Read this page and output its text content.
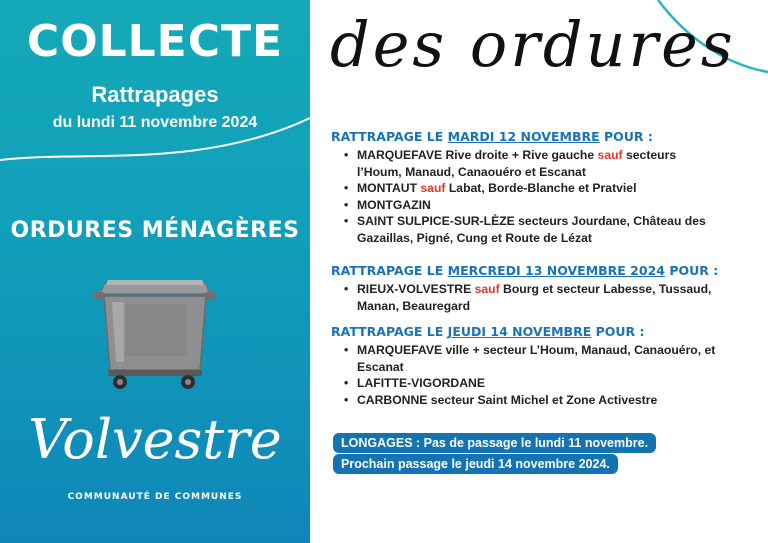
COLLECTE
Rattrapages
du lundi 11 novembre 2024
ORDURES MÉNAGÈRES
Volvestre
COMMUNAUTÉ DE COMMUNES
des ordures
RATTRAPAGE LE MARDI 12 NOVEMBRE POUR :
• MARQUEFAVE Rive droite + Rive gauche sauf secteurs l’Houm, Manaud, Canaouéro et Escanat
• MONTAUT sauf Labat, Borde-Blanche et Pratviel
• MONTGAZIN
• SAINT SULPICE-SUR-LÈZE secteurs Jourdane, Château des Gazaillas, Pigné, Cung et Route de Lézat
RATTRAPAGE LE MERCREDI 13 NOVEMBRE 2024 POUR :
• RIEUX-VOLVESTRE sauf Bourg et secteur Labesse, Tussaud, Manan, Beauregard
RATTRAPAGE LE JEUDI 14 NOVEMBRE POUR :
• MARQUEFAVE ville + secteur L’Houm, Manaud, Canaouéro, et Escanat
• LAFITTE-VIGORDANE
• CARBONNE secteur Saint Michel et Zone Activestre
LONGAGES : Pas de passage le lundi 11 novembre.
Prochain passage le jeudi 14 novembre 2024.
